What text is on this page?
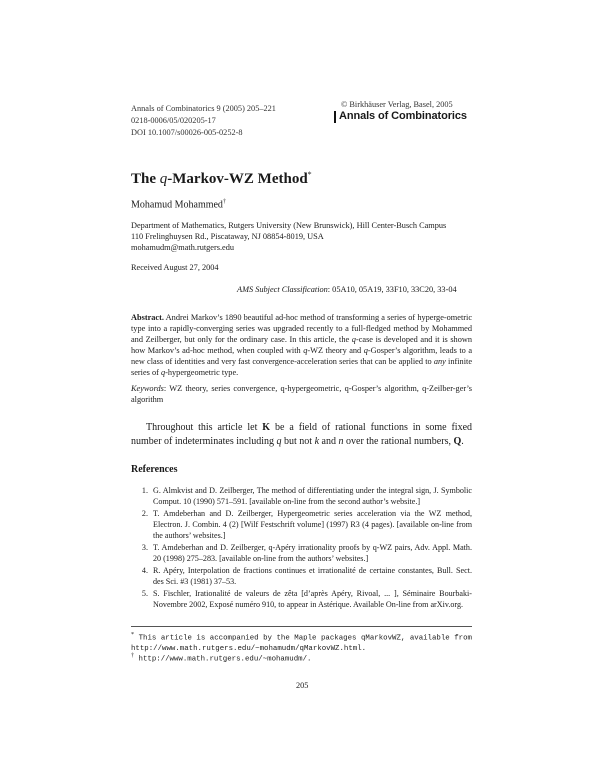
Annals of Combinatorics 9 (2005) 205–221
0218-0006/05/020205-17
DOI 10.1007/s00026-005-0252-8
© Birkhäuser Verlag, Basel, 2005
Annals of Combinatorics
The q-Markov-WZ Method*
Mohamud Mohammed†
Department of Mathematics, Rutgers University (New Brunswick), Hill Center-Busch Campus
110 Frelinghuysen Rd., Piscataway, NJ 08854-8019, USA
mohamudm@math.rutgers.edu
Received August 27, 2004
AMS Subject Classification: 05A10, 05A19, 33F10, 33C20, 33-04
Abstract. Andrei Markov’s 1890 beautiful ad-hoc method of transforming a series of hyperge-ometric type into a rapidly-converging series was upgraded recently to a full-fledged method by Mohammed and Zeilberger, but only for the ordinary case. In this article, the q-case is developed and it is shown how Markov’s ad-hoc method, when coupled with q-WZ theory and q-Gosper’s algorithm, leads to a new class of identities and very fast convergence-acceleration series that can be applied to any infinite series of q-hypergeometric type.
Keywords: WZ theory, series convergence, q-hypergeometric, q-Gosper’s algorithm, q-Zeilber-ger’s algorithm
Throughout this article let K be a field of rational functions in some fixed number of indeterminates including q but not k and n over the rational numbers, Q.
References
1. G. Almkvist and D. Zeilberger, The method of differentiating under the integral sign, J. Symbolic Comput. 10 (1990) 571–591. [available on-line from the second author’s website.]
2. T. Amdeberhan and D. Zeilberger, Hypergeometric series acceleration via the WZ method, Electron. J. Combin. 4 (2) [Wilf Festschrift volume] (1997) R3 (4 pages). [available on-line from the authors’ websites.]
3. T. Amdeberhan and D. Zeilberger, q-Apéry irrationality proofs by q-WZ pairs, Adv. Appl. Math. 20 (1998) 275–283. [available on-line from the authors’ websites.]
4. R. Apéry, Interpolation de fractions continues et irrationalité de certaine constantes, Bull. Sect. des Sci. #3 (1981) 37–53.
5. S. Fischler, Irationalité de valeurs de zêta [d’après Apéry, Rivoal, ... ], Séminaire Bourbaki-Novembre 2002, Exposé numéro 910, to appear in Astérique. Available On-line from arXiv.org.
* This article is accompanied by the Maple packages qMarkovWZ, available from http://www.math.rutgers.edu/~mohamudm/qMarkovWZ.html.
† http://www.math.rutgers.edu/~mohamudm/.
205
